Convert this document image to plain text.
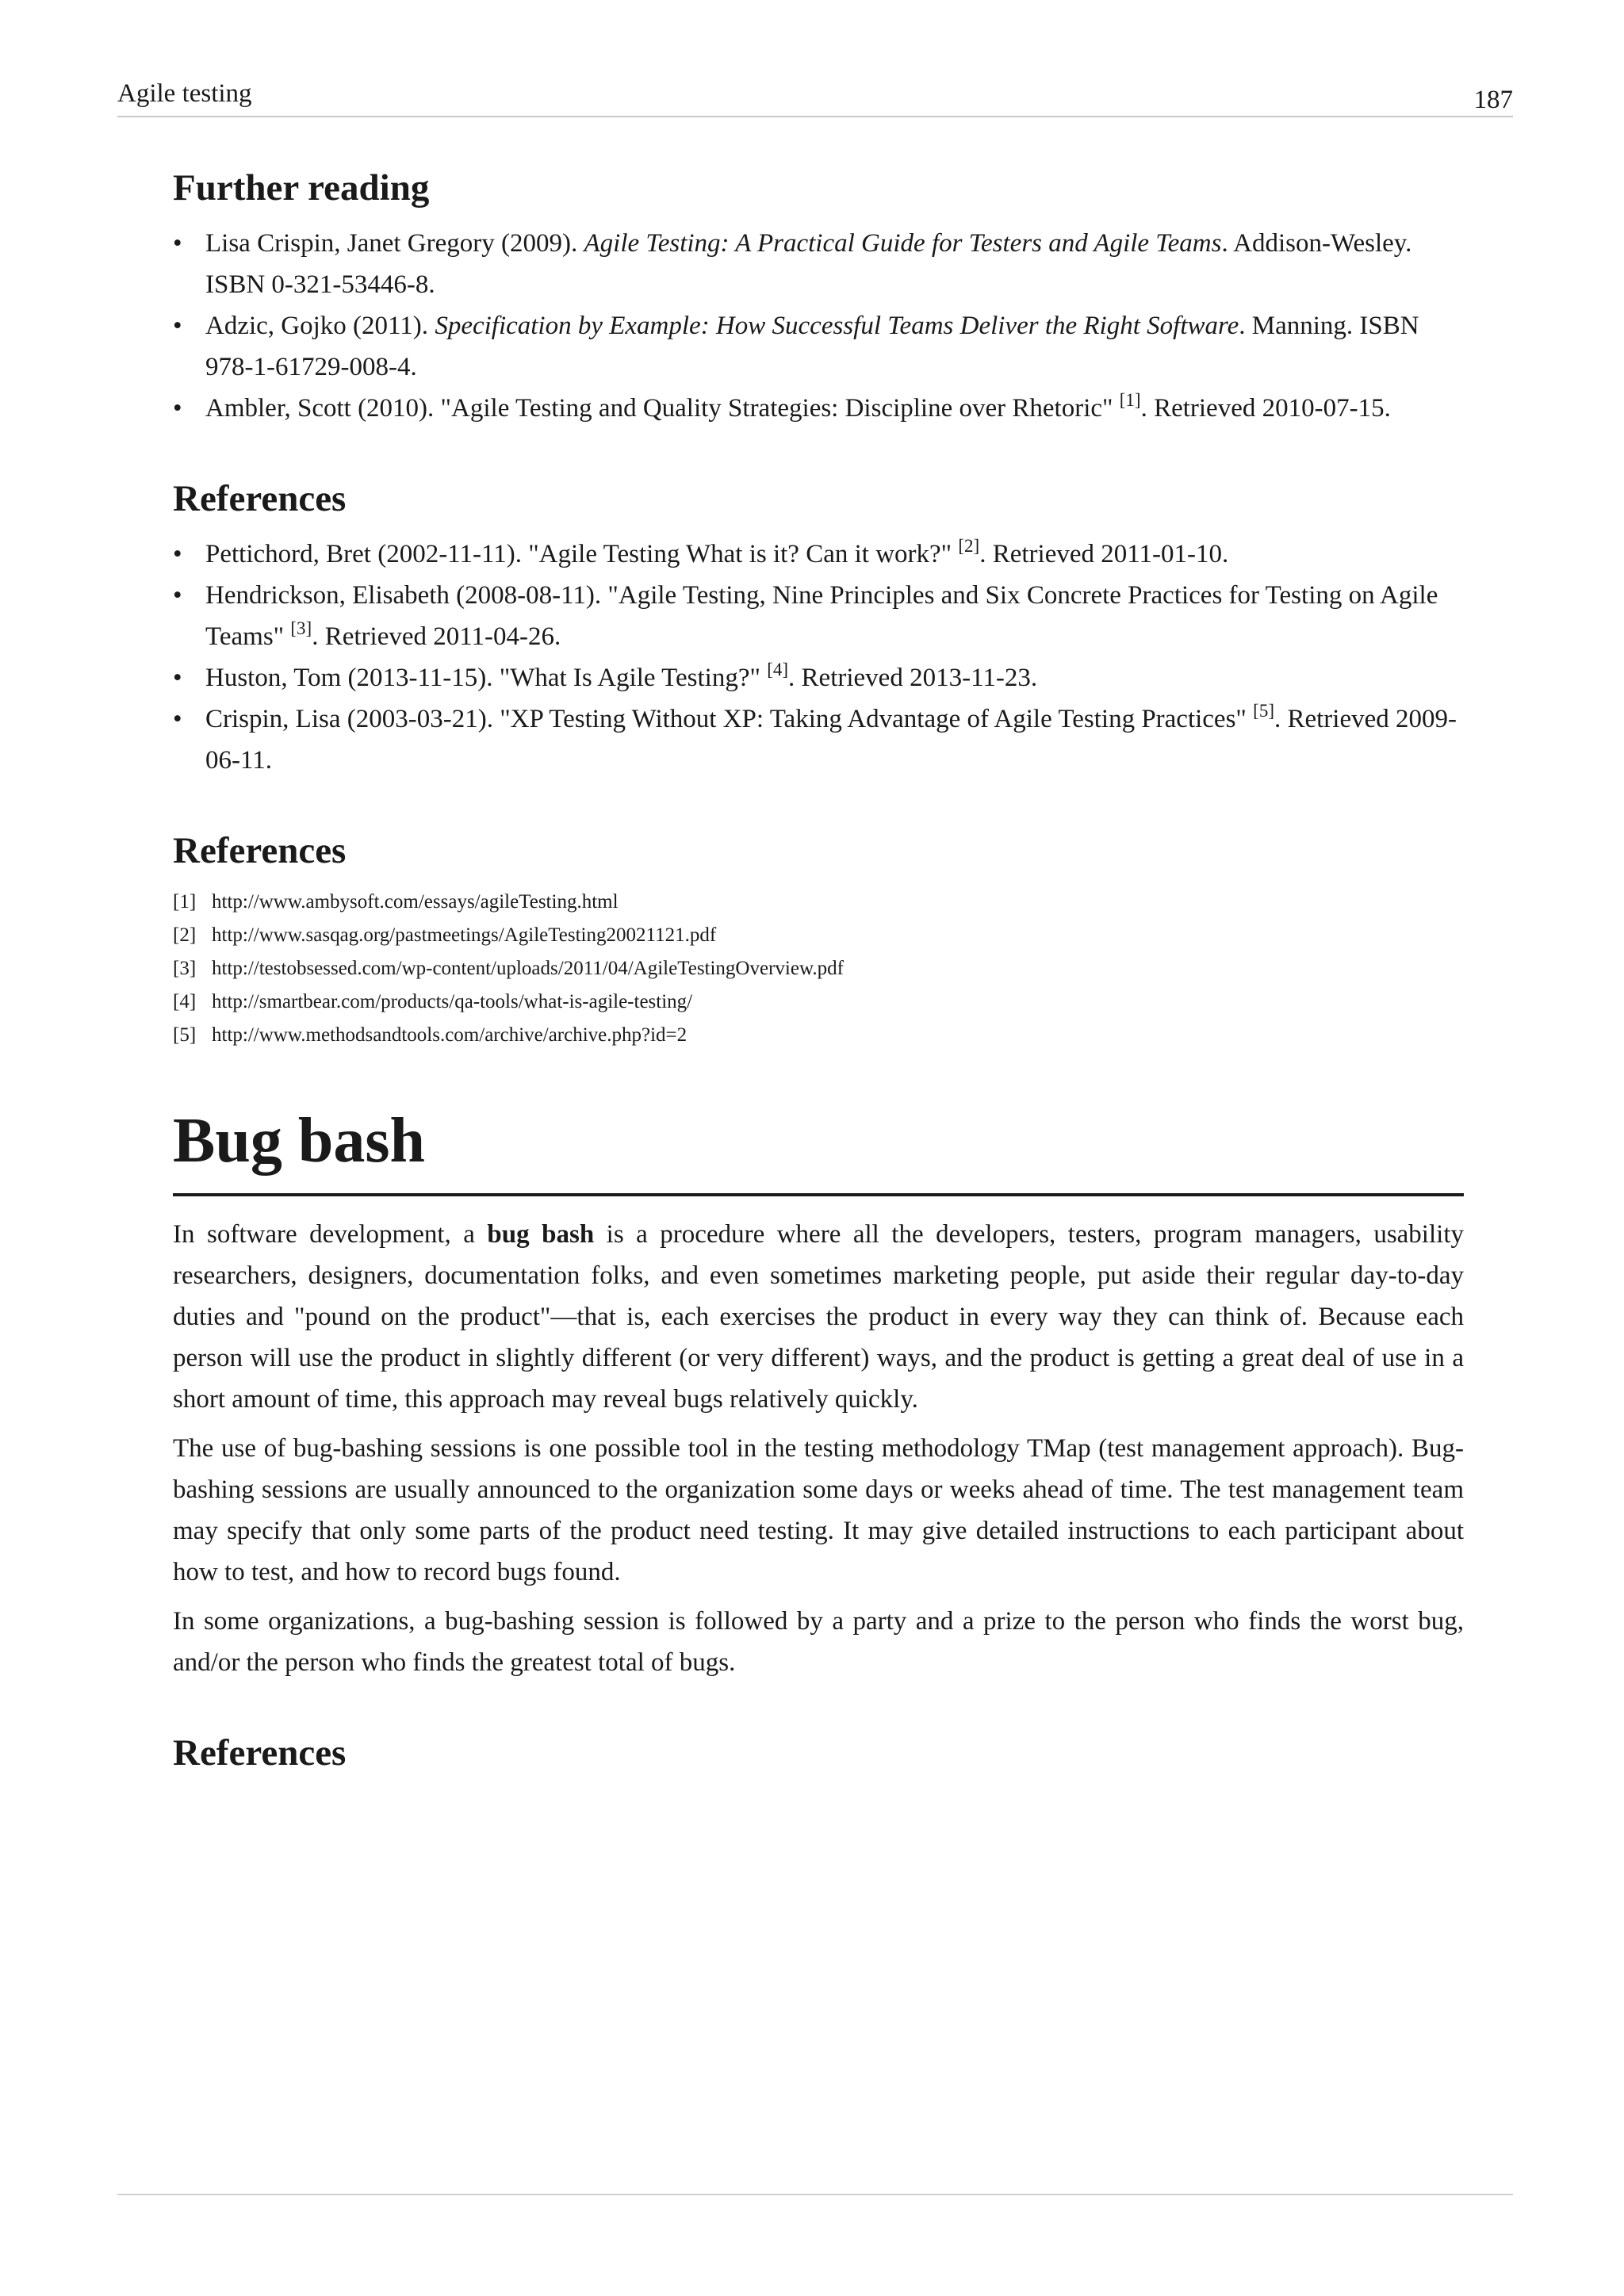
Agile testing	187
Further reading
• Lisa Crispin, Janet Gregory (2009). Agile Testing: A Practical Guide for Testers and Agile Teams. Addison-Wesley. ISBN 0-321-53446-8.
• Adzic, Gojko (2011). Specification by Example: How Successful Teams Deliver the Right Software. Manning. ISBN 978-1-61729-008-4.
• Ambler, Scott (2010). "Agile Testing and Quality Strategies: Discipline over Rhetoric" [1]. Retrieved 2010-07-15.
References
• Pettichord, Bret (2002-11-11). "Agile Testing What is it? Can it work?" [2]. Retrieved 2011-01-10.
• Hendrickson, Elisabeth (2008-08-11). "Agile Testing, Nine Principles and Six Concrete Practices for Testing on Agile Teams" [3]. Retrieved 2011-04-26.
• Huston, Tom (2013-11-15). "What Is Agile Testing?" [4]. Retrieved 2013-11-23.
• Crispin, Lisa (2003-03-21). "XP Testing Without XP: Taking Advantage of Agile Testing Practices" [5]. Retrieved 2009-06-11.
References
[1] http://www.ambysoft.com/essays/agileTesting.html
[2] http://www.sasqag.org/pastmeetings/AgileTesting20021121.pdf
[3] http://testobsessed.com/wp-content/uploads/2011/04/AgileTestingOverview.pdf
[4] http://smartbear.com/products/qa-tools/what-is-agile-testing/
[5] http://www.methodsandtools.com/archive/archive.php?id=2
Bug bash

In software development, a bug bash is a procedure where all the developers, testers, program managers, usability researchers, designers, documentation folks, and even sometimes marketing people, put aside their regular day-to-day duties and "pound on the product"—that is, each exercises the product in every way they can think of. Because each person will use the product in slightly different (or very different) ways, and the product is getting a great deal of use in a short amount of time, this approach may reveal bugs relatively quickly.

The use of bug-bashing sessions is one possible tool in the testing methodology TMap (test management approach). Bug-bashing sessions are usually announced to the organization some days or weeks ahead of time. The test management team may specify that only some parts of the product need testing. It may give detailed instructions to each participant about how to test, and how to record bugs found.

In some organizations, a bug-bashing session is followed by a party and a prize to the person who finds the worst bug, and/or the person who finds the greatest total of bugs.

References
